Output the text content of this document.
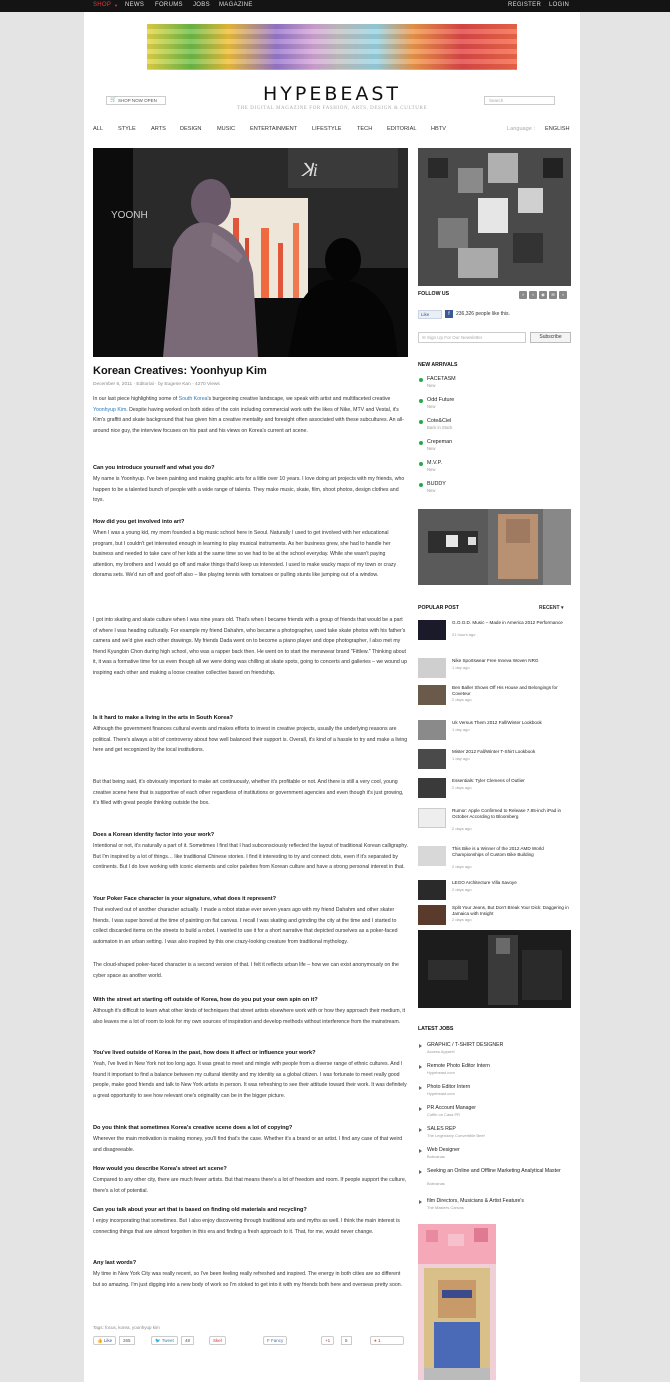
SHOP ▼ NEWS FORUMS JOBS MAGAZINE	REGISTER LOGIN
🛒 SHOP NOW OPEN	HYPEBEAST
THE DIGITAL MAGAZINE FOR FASHION, ARTS, DESIGN & CULTURE
Search
ALL	STYLE	ARTS	DESIGN	MUSIC	ENTERTAINMENT	LIFESTYLE	TECH	EDITORIAL	HBTV	Language : ENGLISH
ꓘi
YOONH
Korean Creatives: Yoonhyup Kim
December 6, 2011 · Editorial · by Eugene Kan · 4270 Views

In our last piece highlighting some of South Korea's burgeoning creative landscape, we speak with artist and multifaceted creative Yoonhyup Kim. Despite having worked on both sides of the coin including commercial work with the likes of Nike, MTV and Vestal, it's Kim's graffiti and skate background that has given him a creative mentality and foresight often associated with these subcultures. An all-around nice guy, the interview focuses on his past and his views on Korea's current art scene.

Can you introduce yourself and what you do?

My name is Yoonhyup. I've been painting and making graphic arts for a little over 10 years. I love doing art projects with my friends, who happen to be a talented bunch of people with a wide range of talents. They make music, skate, film, shoot photos, design clothes and toys.

How did you get involved into art?

When I was a young kid, my mom founded a big music school here in Seoul. Naturally I used to get involved with her educational program, but I couldn't get interested enough in learning to play musical instruments. As her business grew, she had to handle her business and needed to take care of her kids at the same time so we had to be at the school everyday. While she wasn't paying attention, my brothers and I would go off and make things that'd keep us interested. I used to make wacky maps of my town or crazy diorama sets. We'd run off and goof off also – like playing tennis with tomatoes or pulling stunts like jumping out of a window.

I got into skating and skate culture when I was nine years old. That's when I became friends with a group of friends that would be a part of where I was heading culturally. For example my friend Dahahm, who became a photographer, used take skate photos with his father's camera and we'd give each other drawings. My friends Dada went on to become a piano player and dope photographer, I also met my friend Kyungbin Chon during high school, who was a rapper back then. He went on to start the menswear brand "Fittlew." Thinking about it, it was a formative time for us even though all we were doing was chilling at skate spots, going to concerts and galleries – we wound up inspiring each other and making a loose creative collective based on friendship.

Is it hard to make a living in the arts in South Korea?

Although the government finances cultural events and makes efforts to invest in creative projects, usually the underlying reasons are political. There's always a bit of controversy about how well balanced their support is. Overall, it's kind of a hassle to try and make a living here and get recognized by the local institutions.

But that being said, it's obviously important to make art continuously, whether it's profitable or not. And there is still a very cool, young creative scene here that is supportive of each other regardless of institutions or government agencies and even though it's just growing, it's filled with great people thinking outside the box.

Does a Korean identity factor into your work?

Intentional or not, it's naturally a part of it. Sometimes I find that I had subconsciously reflected the layout of traditional Korean calligraphy. But I'm inspired by a lot of things… like traditional Chinese stories. I find it interesting to try and connect dots, even if it's separated by continents. But I do love working with iconic elements and color palettes from Korean culture and have a strong personal interest in that.

Your Poker Face character is your signature, what does it represent?

That evolved out of another character actually. I made a robot statue ever seven years ago with my friend Dahahm and other skater friends. I was super bored at the time of painting on flat canvas. I recall I was skating and grinding the city at the time and I started to collect discarded items on the streets to build a robot. I wanted to use it for a short narrative that depicted ourselves as a poker-faced automaton in an urban setting. I was also inspired by this one crazy-looking creature from traditional mythology.

The cloud-shaped poker-faced character is a second version of that. I felt it reflects urban life – how we can exist anonymously on the cyber space as another world.

With the street art starting off outside of Korea, how do you put your own spin on it?

Although it's difficult to learn what other kinds of techniques that street artists elsewhere work with or how they approach their medium, it also leaves me a lot of room to look for my own sources of inspiration and develop methods without interference from the mainstream.

You've lived outside of Korea in the past, how does it affect or influence your work?

Yeah, I've lived in New York not too long ago. It was great to meet and mingle with people from a diverse range of ethnic cultures. And I found it important to find a balance between my cultural identity and my identity as a global citizen. I was fortunate to meet really good people, make good friends and talk to New York artists in person. It was refreshing to see their attitude toward their work. It was definitely a great opportunity to see how relevant one's originality can be in the bigger picture.

Do you think that sometimes Korea's creative scene does a lot of copying?

Wherever the main motivation is making money, you'll find that's the case. Whether it's a brand or an artist. I find any case of that weird and disagreeable.

How would you describe Korea's street art scene?

Compared to any other city, there are much fewer artists. But that means there's a lot of freedom and room. If people support the culture, there's a lot of potential.

Can you talk about your art that is based on finding old materials and recycling?

I enjoy incorporating that sometimes. But I also enjoy discovering through traditional arts and myths as well. I think the main interest is connecting things that are almost forgotten in this era and finding a fresh approach to it. That, for me, would never change.

Any last words?

My time in New York City was really recent, so I've been feeling really refreshed and inspired. The energy in both cities are so different but so amazing. I'm just digging into a new body of work so I'm stoked to get into it with my friends both here and overseas pretty soon.

Tags: focus, korea, yoonhyup kim
👍 Like	265	🐦 Tweet	48	Skel	F Fancy	+1	5	● 1
FOLLOW US	f	t	◉	✉	t
Like	f	236,326 people like this.
✉ Sign Up For Our Newsletter	Subscribe
NEW ARRIVALS
FACETASM
New
Odd Future
New
Cote&Ciel
Back in Stock
Crepeman
New
M.V.P.
New
BUDDY
New
POPULAR POST	RECENT ▾
G.O.O.D. Music – Made in America 2012 Performance
21 hours ago
Nike Sportswear Free Inneva Woven NRG
1 day ago
Ben Baller Shows Off His House and Belongings for Coveteur
2 days ago
Uk Versus Them 2012 Fall/Winter Lookbook
1 day ago
Mister 2012 Fall/Winter T-Shirt Lookbook
1 day ago
Essentials: Tyler Clemens of Outlier
2 days ago
Rumor: Apple Confirmed to Release 7.85-inch iPad in October According to Bloomberg
2 days ago
This Bike is a Winner of the 2012 AMD World Championships of Custom Bike Building
2 days ago
LEGO Architecture Villa Savoye
2 days ago
Split Your Jeans, But Don't Break Your Dick: Daggering in Jamaica with Insight
2 days ago
LATEST JOBS
GRAPHIC / T-SHIRT DESIGNER
Access Apparel
Remote Photo Editor Intern
Hypebeast.com
Photo Editor Intern
Hypebeast.com
PR Account Manager
Coffin on Casa PR
SALES REP
The Legendary Convertible Beef
Web Designer
Bobvanas
Seeking an Online and Offline Marketing Analytical Master
Bobvanas
film Directors, Musicians & Artist Feature's
The Masters Canvas
